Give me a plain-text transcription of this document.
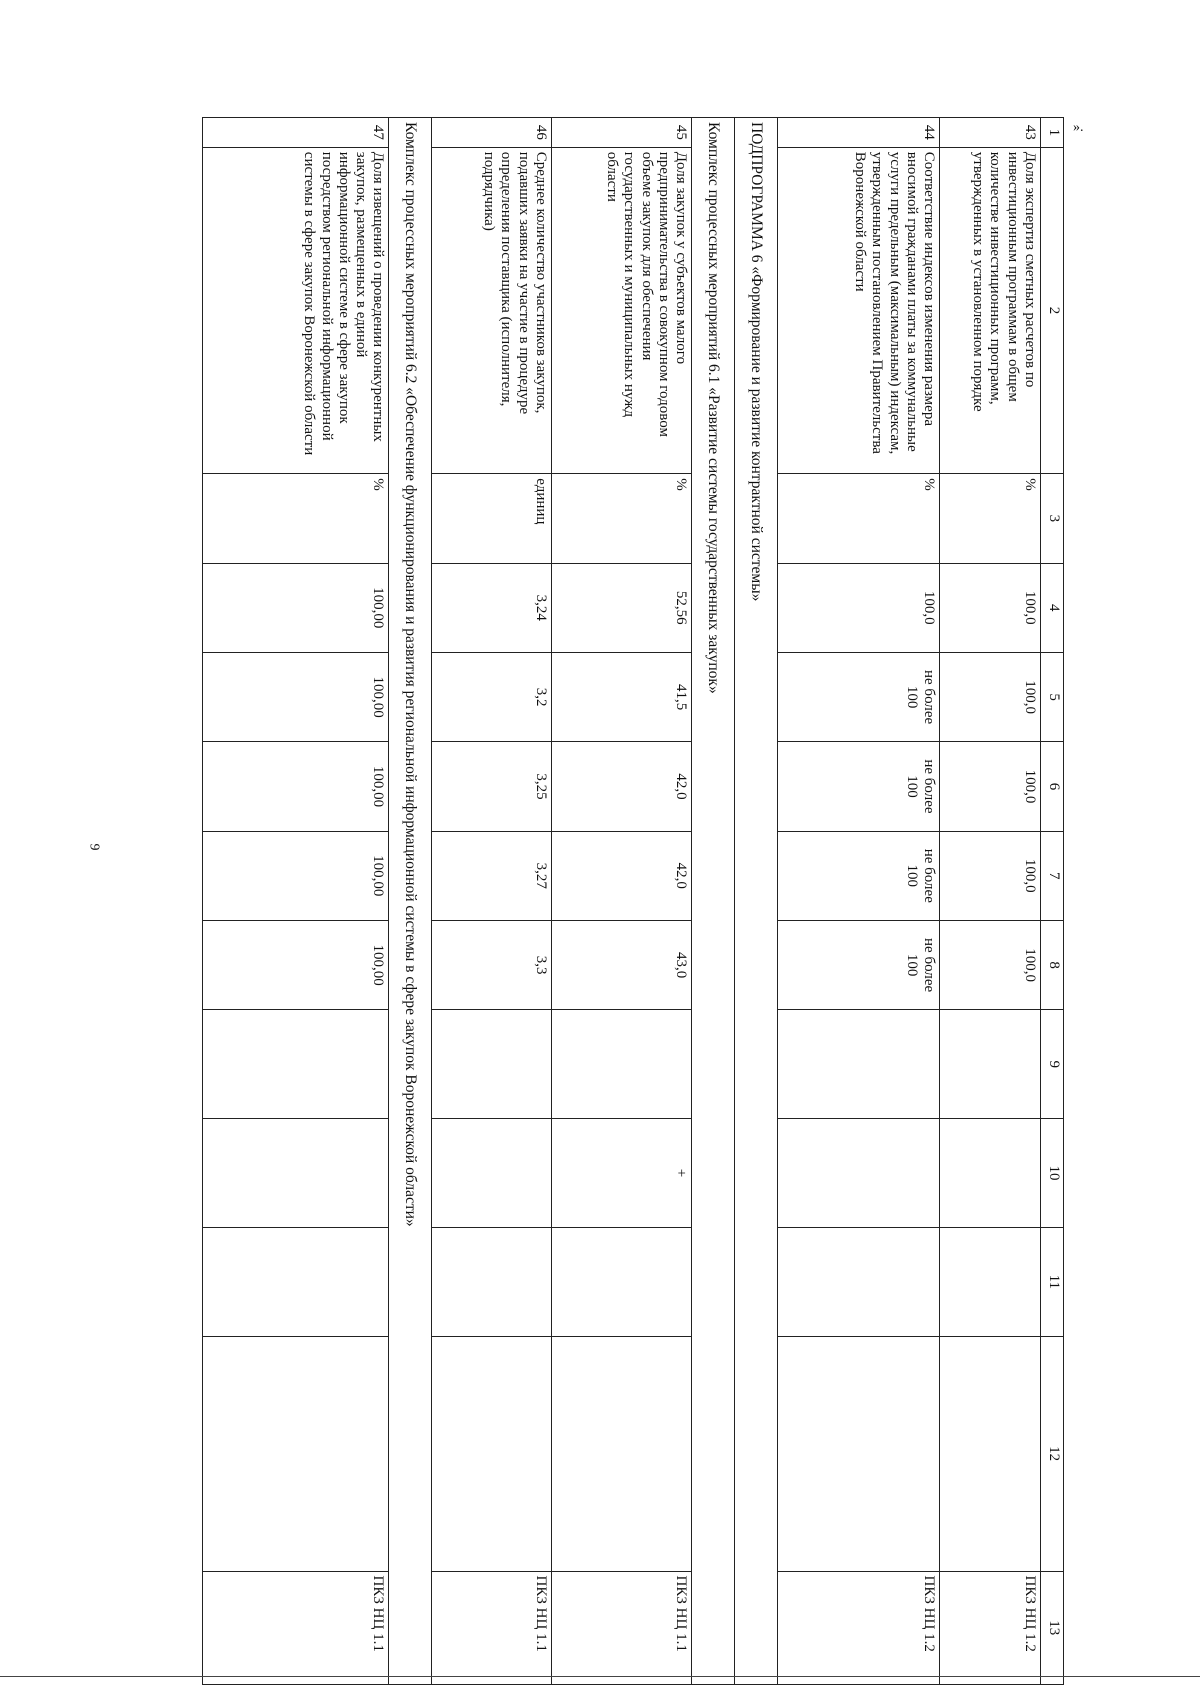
9
1	2	3	4	5	6	7	8	9	10	11	12	13
43	Доля экспертиз сметных расчетов по инвестиционным программам в общем количестве инвестиционных программ, утвержденных в установленном порядке	%	100,0	100,0	100,0	100,0	100,0					ПКЗ НЦ 1.2
44	Соответствие индексов изменения размера вносимой гражданами платы за коммунальные услуги предельным (максимальным) индексам, утвержденным постановлением Правительства Воронежской области	%	100,0	не более 100	не более 100	не более 100	не более 100					ПКЗ НЦ 1.2
ПОДПРОГРАММА 6 «Формирование и развитие контрактной системы»												
Комплекс процессных мероприятий 6.1 «Развитие системы государственных закупок»												
45	Доля закупок у субъектов малого предпринимательства в совокупном годовом объеме закупок для обеспечения государственных и муниципальных нужд области	%	52,56	41,5	42,0	42,0	43,0		+			ПКЗ НЦ 1.1
46	Среднее количество участников закупок, подавших заявки на участие в процедуре определения поставщика (исполнителя, подрядчика)	единиц	3,24	3,2	3,25	3,27	3,3					ПКЗ НЦ 1.1
Комплекс процессных мероприятий 6.2 «Обеспечение функционирования и развития региональной информационной системы в сфере закупок Воронежской области»												
47	Доля извещений о проведении конкурентных закупок, размещенных в единой информационной системе в сфере закупок посредством региональной информационной системы в сфере закупок Воронежской области	%	100,00	100,00	100,00	100,00	100,00					ПКЗ НЦ 1.1
».
